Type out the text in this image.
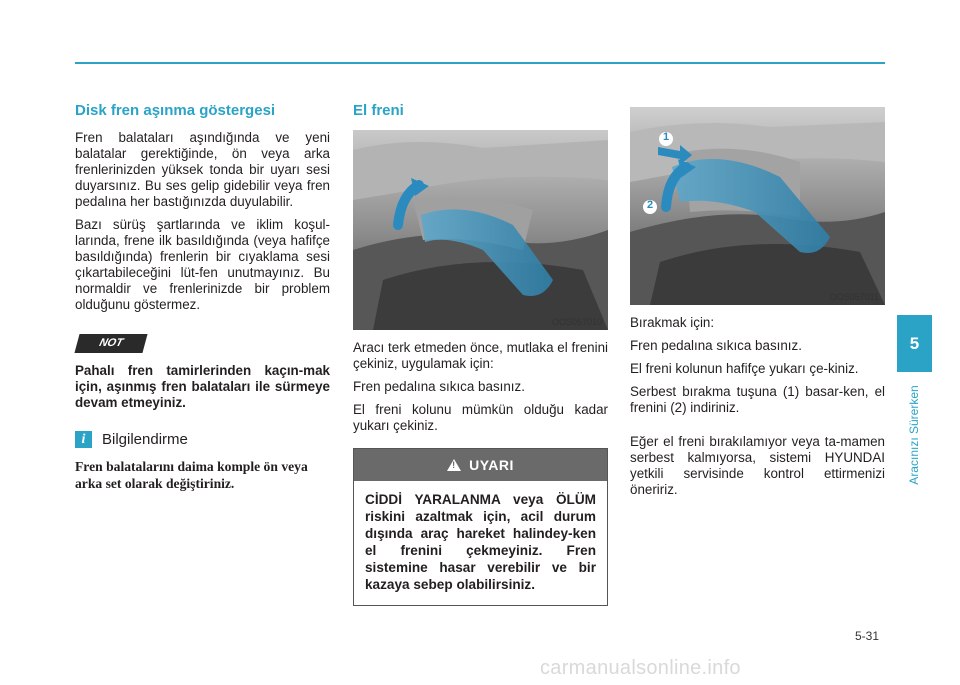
Disk fren aşınma göstergesi

Fren balataları aşındığında ve yeni balatalar gerektiğinde, ön veya arka frenlerinizden yüksek tonda bir uyarı sesi duyarsınız. Bu ses gelip gidebilir veya fren pedalına her bastığınızda duyulabilir.

Bazı sürüş şartlarında ve iklim koşul-larında, frene ilk basıldığında (veya hafifçe basıldığında) frenlerin bir cıyaklama sesi çıkartabileceğini lüt-fen unutmayınız. Bu normaldir ve frenlerinizde bir problem olduğunu göstermez.

NOT

Pahalı fren tamirlerinden kaçın-mak için, aşınmış fren balataları ile sürmeye devam etmeyiniz.

i	Bilgilendirme

Fren balatalarını daima komple ön veya arka set olarak değiştiriniz.

El freni
OOS057010

Aracı terk etmeden önce, mutlaka el frenini çekiniz, uygulamak için:

Fren pedalına sıkıca basınız.

El freni kolunu mümkün olduğu kadar yukarı çekiniz.

!
UYARI
CİDDİ YARALANMA veya ÖLÜM riskini azaltmak için, acil durum dışında araç hareket halindey-ken el frenini çekmeyiniz. Fren sistemine hasar verebilir ve bir kazaya sebep olabilirsiniz.
1
2
OOS057011

Bırakmak için:

Fren pedalına sıkıca basınız.

El freni kolunun hafifçe yukarı çe-kiniz.

Serbest bırakma tuşuna (1) basar-ken, el frenini (2) indiriniz.

Eğer el freni bırakılamıyor veya ta-mamen serbest kalmıyorsa, sistemi HYUNDAI yetkili servisinde kontrol ettirmenizi öneririz.

5
Aracınızı Sürerken
5-31
carmanualsonline.info
